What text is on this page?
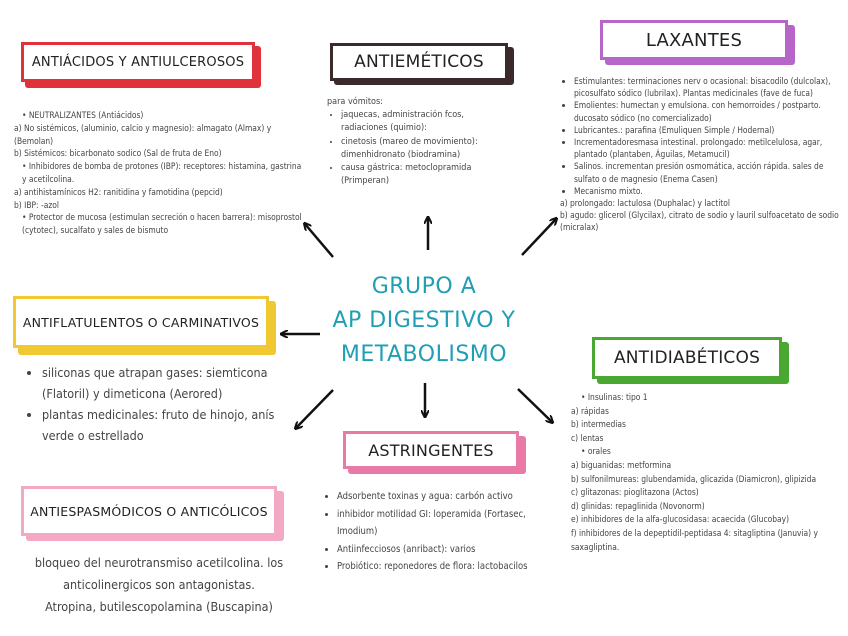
ANTIÁCIDOS Y ANTIULCEROSOS
• NEUTRALIZANTES (Antiácidos)
a) No sistémicos, (aluminio, calcio y magnesio): almagato (Almax) y (Bemolan)
b) Sistémicos: bicarbonato sodico (Sal de fruta de Eno)
• Inhibidores de bomba de protones (IBP): receptores: histamina, gastrina y acetilcolina.
a) antihistamínicos H2: ranitidina y famotidina (pepcid)
b) IBP: -azol
• Protector de mucosa (estimulan secreción o hacen barrera): misoprostol (cytotec), sucalfato y sales de bismuto
ANTIEMÉTICOS
para vómitos:
• jaquecas, administración fcos, radiaciones (quimio):
• cinetosis (mareo de movimiento): dimenhidronato (biodramina)
• causa gástrica: metoclopramida (Primperan)
LAXANTES
• Estimulantes: terminaciones nerv o ocasional: bisacodilo (dulcolax), picosulfato sódico (lubrilax). Plantas medicinales (fave de fuca)
• Emolientes: humectan y emulsiona. con hemorroides / postparto. ducosato sódico (no comercializado)
• Lubricantes.: parafina (Emuliquen Simple / Hodernal)
• Incrementadoresmasa intestinal. prolongado: metilcelulosa, agar, plantado (plantaben, Águilas, Metamucil)
• Salinos. incrementan presión osmomática, acción rápida. sales de sulfato o de magnesio (Enema Casen)
• Mecanismo mixto.
a) prolongado: lactulosa (Duphalac) y lactitol
b) agudo: glicerol (Glycilax), citrato de sodio y lauril sulfoacetato de sodio (micralax)
ANTIFLATULENTOS O CARMINATIVOS
• siliconas que atrapan gases: siemticona (Flatoril) y dimeticona (Aerored)
• plantas medicinales: fruto de hinojo, anís verde o estrellado
GRUPO A
AP DIGESTIVO Y
METABOLISMO	ANTIDIABÉTICOS
• Insulinas: tipo 1
a) rápidas
b) intermedias
c) lentas
• orales
a) biguanidas: metformina
b) sulfonilmureas: glubendamida, glicazida (Diamicron), glipizida
c) glitazonas: pioglitazona (Actos)
d) glinidas: repaglinida (Novonorm)
e) inhibidores de la alfa-glucosidasa: acaecida (Glucobay)
f) inhibidores de la depeptidil-peptidasa 4: sitagliptina (Januvia) y saxagliptina.
ASTRINGENTES
• Adsorbente toxinas y agua: carbón activo
• inhibidor motilidad GI: loperamida (Fortasec, Imodium)
• Antiinfecciosos (anribact): varios
• Probiótico: reponedores de flora: lactobacilos
ANTIESPASMÓDICOS O ANTICÓLICOS
bloqueo del neurotransmiso acetilcolina. los
anticolinergicos son antagonistas.
Atropina, butilescopolamina (Buscapina)
